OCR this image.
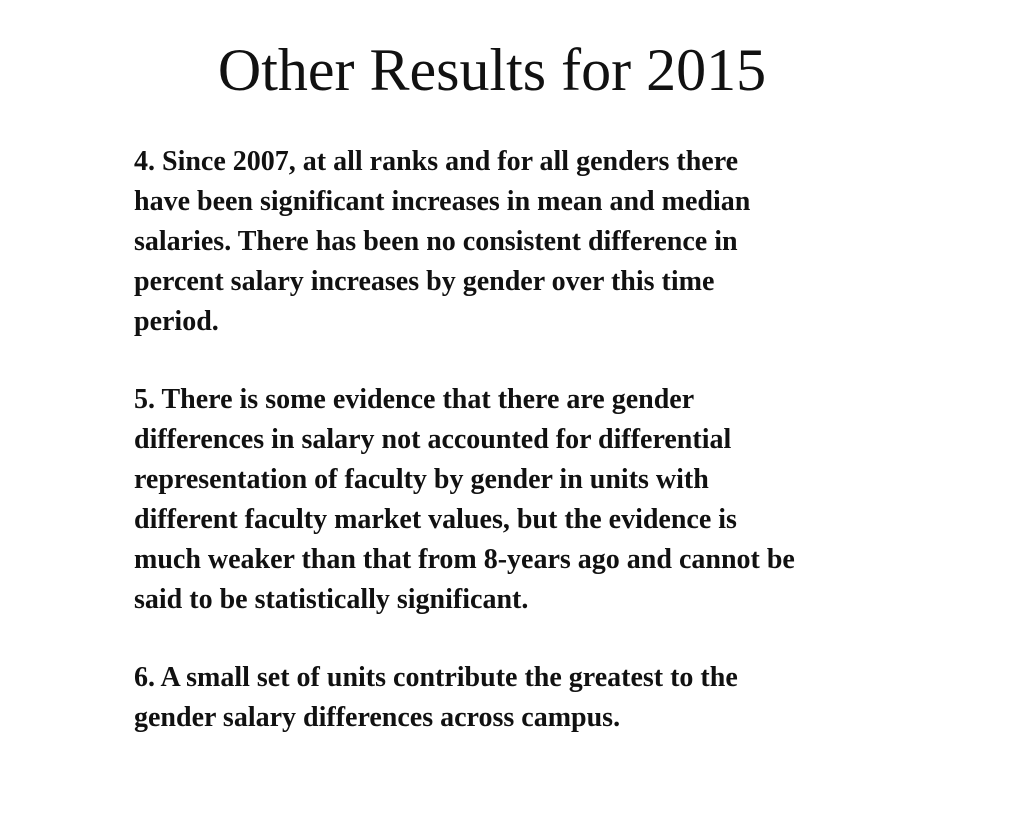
Other Results for 2015

4. Since 2007, at all ranks and for all genders there
have been significant increases in mean and median
salaries. There has been no consistent difference in
percent salary increases by gender over this time
period.

5. There is some evidence that there are gender
differences in salary not accounted for differential
representation of faculty by gender in units with
different faculty market values, but the evidence is
much weaker than that from 8-years ago and cannot be
said to be statistically significant.

6. A small set of units contribute the greatest to the
gender salary differences across campus.
